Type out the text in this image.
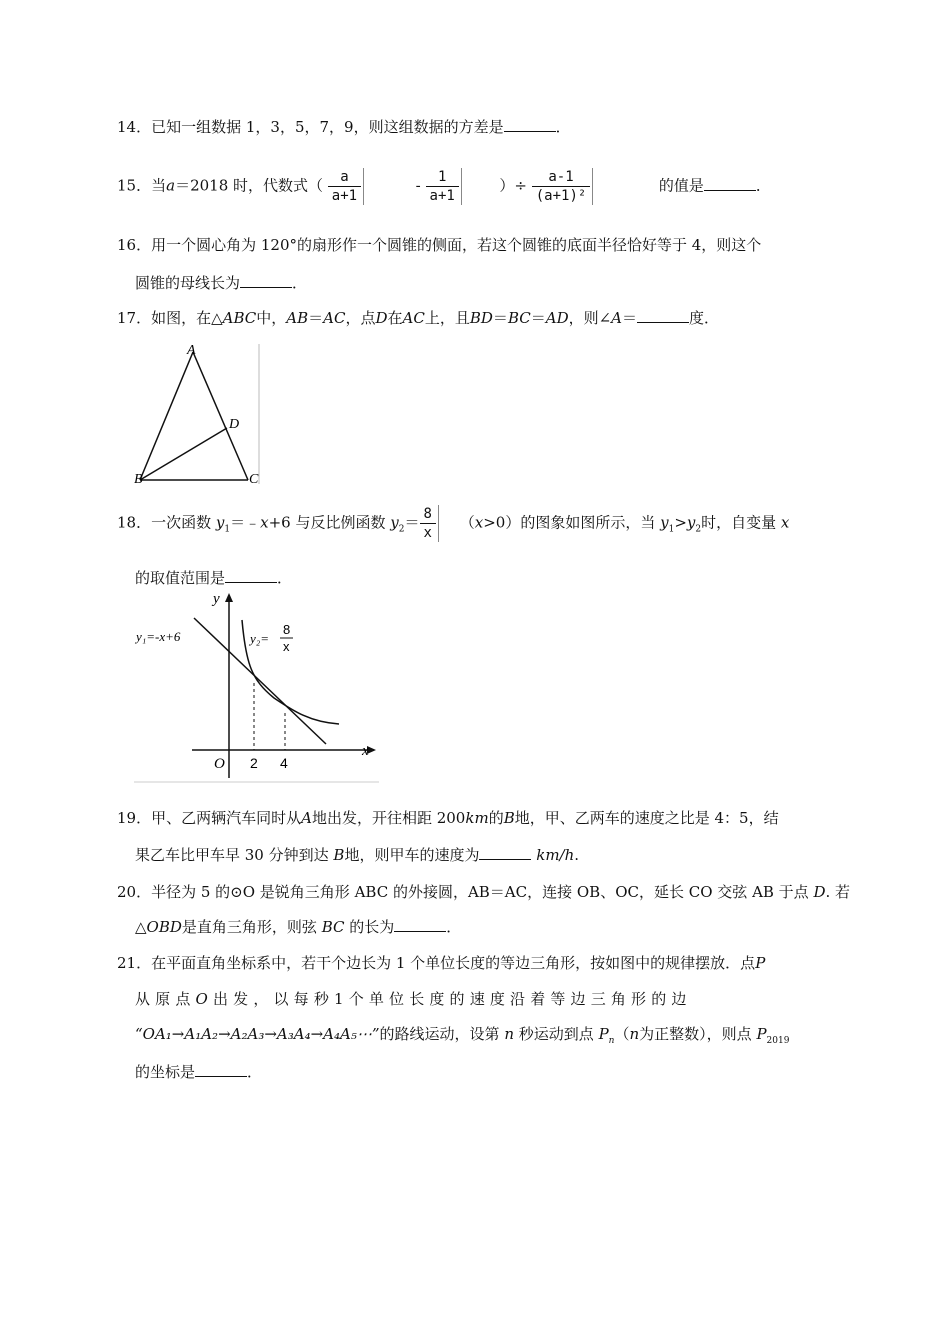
14．已知一组数据 1，3，5，7，9，则这组数据的方差是	．
15．当a＝2018 时，代数式（ $\frac{a}{a+1}$	- $\frac{1}{a+1}$	）÷ $\frac{a-1}{\text{(a+1)²}}$	的值是	．
16．用一个圆心角为 120°的扇形作一个圆锥的侧面，若这个圆锥的底面半径恰好等于 4，则这个
圆锥的母线长为	．
17．如图，在△ABC中，AB＝AC，点D在AC上，且BD＝BC＝AD，则∠A＝	度．
A
B	C
D
18．一次函数 $y_1=﹣x+6$ 与反比例函数 $y_2= \frac{8}{x} (x>0)$的图象如图所示，当 $y_1>y_2$时，自变量 x
的取值范围是	．
y
x
O 2 4
y₁=-x+6	y₂=
8
x
19．甲、乙两辆汽车同时从A地出发，开往相距 200km的B地，甲、乙两车的速度之比是 4：5，结
果乙车比甲车早 30 分钟到达 B地，则甲车的速度为	km/h.
20．半径为 5 的⊙O 是锐角三角形 ABC 的外接圆，AB＝AC，连接 OB、OC，延长 CO 交弦 AB 于点 D. 若
△OBD是直角三角形，则弦 BC 的长为	．
21．在平面直角坐标系中，若干个边长为 1 个单位长度的等边三角形，按如图中的规律摆放．点P
从 原 点 O 出 发 ， 以 每 秒 1 个 单 位 长 度 的 速 度 沿 着 等 边 三 角 形 的 边
“OA₁→A₁A₂→A₂A₃→A₃A₄→A₄A₅⋯”的路线运动，设第 n 秒运动到点 $P_n(n$为正整数），则点 $P_{2019}$
的坐标是	．
